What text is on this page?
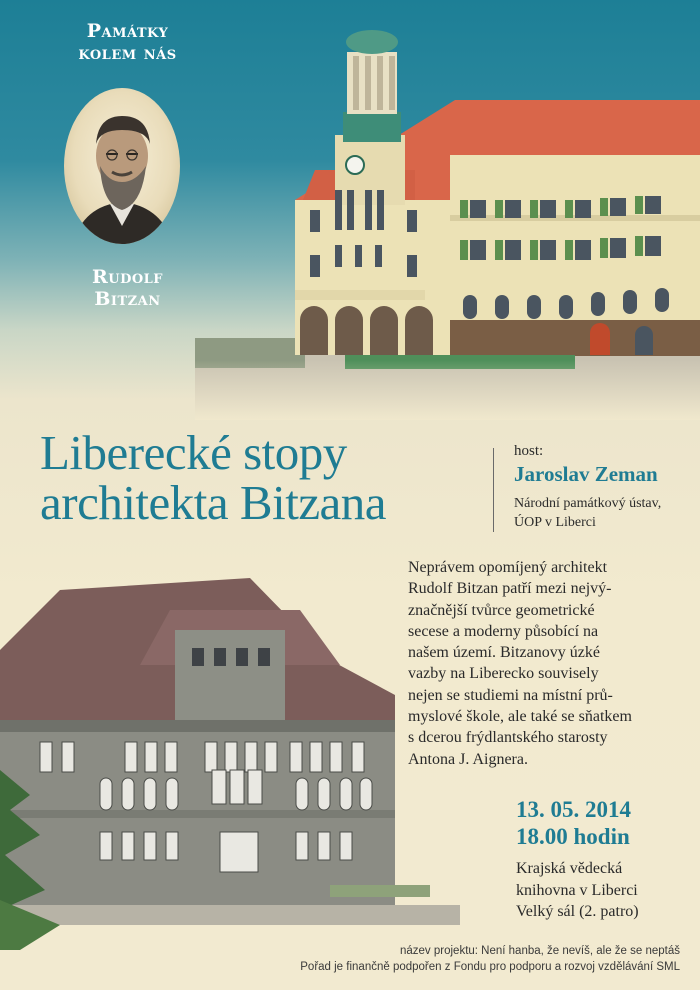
Památky
kolem nás
Rudolf
Bitzan
Liberecké stopy
architekta Bitzana
host:
Jaroslav Zeman
Národní památkový ústav,
ÚOP v Liberci
Neprávem opomíjený architekt
Rudolf Bitzan patří mezi nejvý-
značnější tvůrce geometrické
secese a moderny působící na
našem území. Bitzanovy úzké
vazby na Liberecko souvisely
nejen se studiemi na místní prů-
myslové škole, ale také se sňatkem
s dcerou frýdlantského starosty
Antona J. Aignera.
13. 05. 2014
18.00 hodin
Krajská vědecká
knihovna v Liberci
Velký sál (2. patro)
název projektu: Není hanba, že nevíš, ale že se neptáš
Pořad je finančně podpořen z Fondu pro podporu a rozvoj vzdělávání SML
